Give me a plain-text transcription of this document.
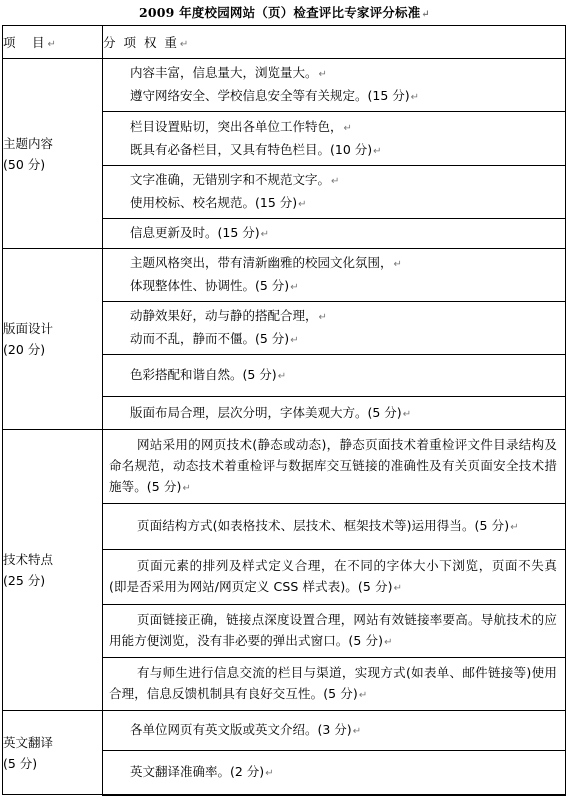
2009 年度校园网站（页）检查评比专家评分标准↵
项　目↵	分 项 权 重↵

主题内容
(50 分)	内容丰富，信息量大，浏览量大。↵
遵守网络安全、学校信息安全等有关规定。(15 分)↵

	栏目设置贴切，突出各单位工作特色，↵
既具有必备栏目，又具有特色栏目。(10 分)↵

	文字准确，无错别字和不规范文字。↵
使用校标、校名规范。(15 分)↵

	信息更新及时。(15 分)↵

版面设计
(20 分)	主题风格突出，带有清新幽雅的校园文化氛围，↵
体现整体性、协调性。(5 分)↵

	动静效果好，动与静的搭配合理，↵
动而不乱，静而不僵。(5 分)↵

	色彩搭配和谐自然。(5 分)↵

	版面布局合理，层次分明，字体美观大方。(5 分)↵

技术特点
(25 分)	网站采用的网页技术(静态或动态)，静态页面技术着重检评文件目录结构及命名规范，动态技术着重检评与数据库交互链接的准确性及有关页面安全技术措施等。(5 分)↵

	页面结构方式(如表格技术、层技术、框架技术等)运用得当。(5 分)↵

	页面元素的排列及样式定义合理，在不同的字体大小下浏览，页面不失真(即是否采用为网站/网页定义 CSS 样式表)。(5 分)↵

	页面链接正确，链接点深度设置合理，网站有效链接率要高。导航技术的应用能方便浏览，没有非必要的弹出式窗口。(5 分)↵

	有与师生进行信息交流的栏目与渠道，实现方式(如表单、邮件链接等)使用合理，信息反馈机制具有良好交互性。(5 分)↵

英文翻译
(5 分)	各单位网页有英文版或英文介绍。(3 分)↵

	英文翻译准确率。(2 分)↵
